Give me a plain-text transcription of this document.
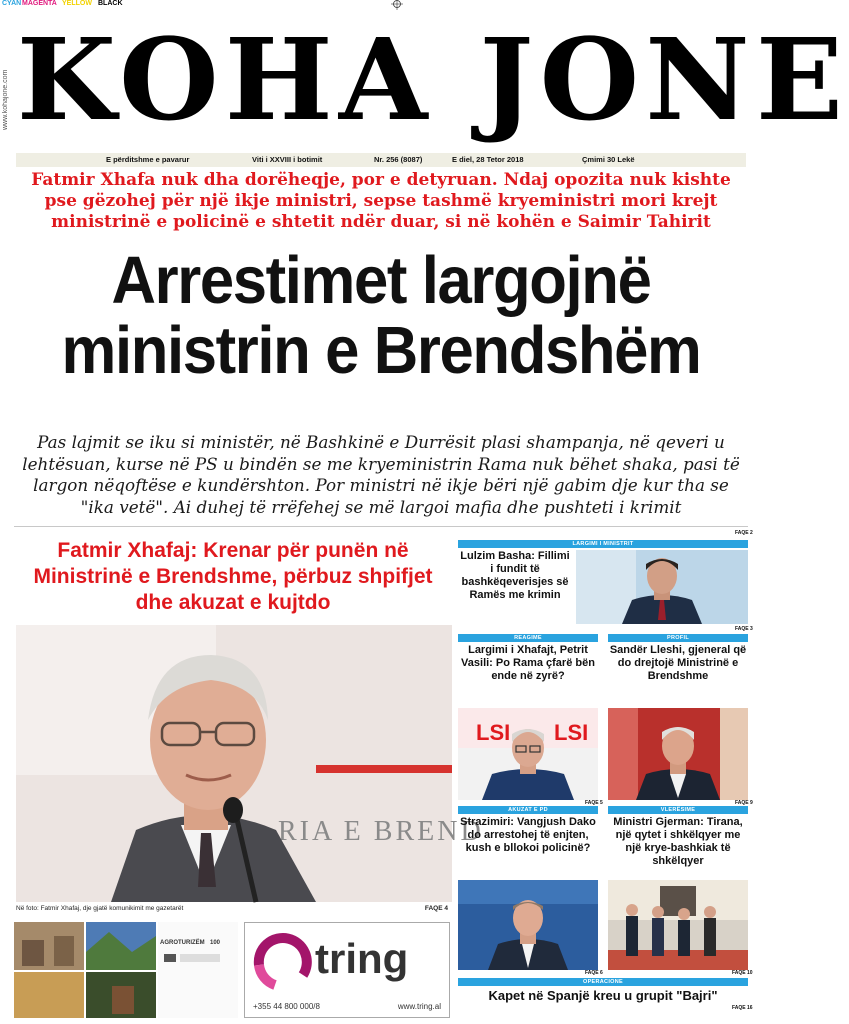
CYAN MAGENTA YELLOW BLACK
www.kohajone.com KOHA JONE
E përditshme e pavarur	Viti i XXVIII i botimit	Nr. 256 (8087)	E diel, 28 Tetor 2018	Çmimi 30 Lekë
Fatmir Xhafa nuk dha dorëheqje, por e detyruan. Ndaj opozita nuk kishte pse gëzohej për një ikje ministri, sepse tashmë kryeministri mori krejt ministrinë e policinë e shtetit ndër duar, si në kohën e Saimir Tahirit
Arrestimet largojnë
ministrin e Brendshëm
Pas lajmit se iku si ministër, në Bashkinë e Durrësit plasi shampanja, në qeveri u lehtësuan, kurse në PS u bindën se me kryeministrin Rama nuk bëhet shaka, pasi të largon nëqoftëse e kundërshton. Por ministri në ikje bëri një gabim dje kur tha se "ika vetë". Ai duhej të rrëfehej se më largoi mafia dhe pushteti i krimit
Fatmir Xhafaj: Krenar për punën në Ministrinë e Brendshme, përbuz shpifjet dhe akuzat e kujtdo
RIA E BREND
Në foto: Fatmir Xhafaj, dje gjatë komunikimit me gazetarët	FAQE 4
AGROTURIZËM 100 tring
+355 44 800 000/8	www.tring.al
LARGIMI I MINISTRIT
Lulzim Basha: Fillimi i fundit të bashkëqeverisjes së Ramës me krimin
FAQE 2
FAQE 3
REAGIME
Largimi i Xhafajt, Petrit Vasili: Po Rama çfarë bën ende në zyrë?
PROFIL
Sandër Lleshi, gjeneral që do drejtojë Ministrinë e Brendshme
LSI LSI
FAQE 5	FAQE 9
AKUZAT E PD
Strazimiri: Vangjush Dako do arrestohej të enjten, kush e bllokoi policinë?
VLERËSIME
Ministri Gjerman: Tirana, një qytet i shkëlqyer me një krye-bashkiak të shkëlqyer
FAQE 6	FAQE 10
OPERACIONE
Kapet në Spanjë kreu u grupit "Bajri"
FAQE 16
